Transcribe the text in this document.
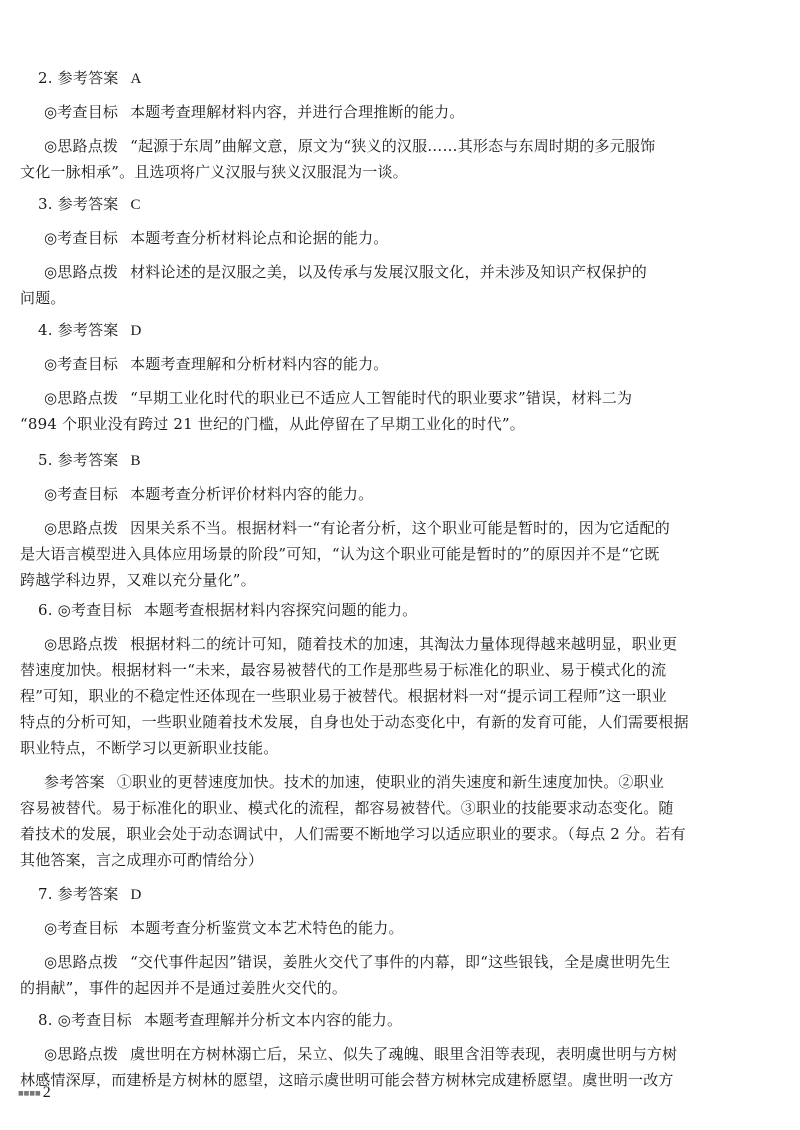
2. 参考答案 A
◎考查目标 本题考查理解材料内容，并进行合理推断的能力。
◎思路点拨 “起源于东周”曲解文意，原文为“狭义的汉服……其形态与东周时期的多元服饰
文化一脉相承”。且选项将广义汉服与狭义汉服混为一谈。
3. 参考答案 C
◎考查目标 本题考查分析材料论点和论据的能力。
◎思路点拨 材料论述的是汉服之美，以及传承与发展汉服文化，并未涉及知识产权保护的
问题。
4. 参考答案 D
◎考查目标 本题考查理解和分析材料内容的能力。
◎思路点拨 “早期工业化时代的职业已不适应人工智能时代的职业要求”错误，材料二为
“894 个职业没有跨过 21 世纪的门槛，从此停留在了早期工业化的时代”。
5. 参考答案 B
◎考查目标 本题考查分析评价材料内容的能力。
◎思路点拨 因果关系不当。根据材料一“有论者分析，这个职业可能是暂时的，因为它适配的
是大语言模型进入具体应用场景的阶段”可知，“认为这个职业可能是暂时的”的原因并不是“它既
跨越学科边界，又难以充分量化”。
6. ◎考查目标 本题考查根据材料内容探究问题的能力。
◎思路点拨 根据材料二的统计可知，随着技术的加速，其淘汰力量体现得越来越明显，职业更
替速度加快。根据材料一“未来，最容易被替代的工作是那些易于标准化的职业、易于模式化的流
程”可知，职业的不稳定性还体现在一些职业易于被替代。根据材料一对“提示词工程师”这一职业
特点的分析可知，一些职业随着技术发展，自身也处于动态变化中，有新的发育可能，人们需要根据
职业特点，不断学习以更新职业技能。
参考答案 ①职业的更替速度加快。技术的加速，使职业的消失速度和新生速度加快。②职业
容易被替代。易于标准化的职业、模式化的流程，都容易被替代。③职业的技能要求动态变化。随
着技术的发展，职业会处于动态调试中，人们需要不断地学习以适应职业的要求。（每点 2 分。若有
其他答案，言之成理亦可酌情给分）
7. 参考答案 D
◎考查目标 本题考查分析鉴赏文本艺术特色的能力。
◎思路点拨 “交代事件起因”错误，姜胜火交代了事件的内幕，即“这些银钱，全是虞世明先生
的捐献”，事件的起因并不是通过姜胜火交代的。
8. ◎考查目标 本题考查理解并分析文本内容的能力。
◎思路点拨 虞世明在方树林溺亡后，呆立、似失了魂魄、眼里含泪等表现，表明虞世明与方树
林感情深厚，而建桥是方树林的愿望，这暗示虞世明可能会替方树林完成建桥愿望。虞世明一改方
■■■■ 2
